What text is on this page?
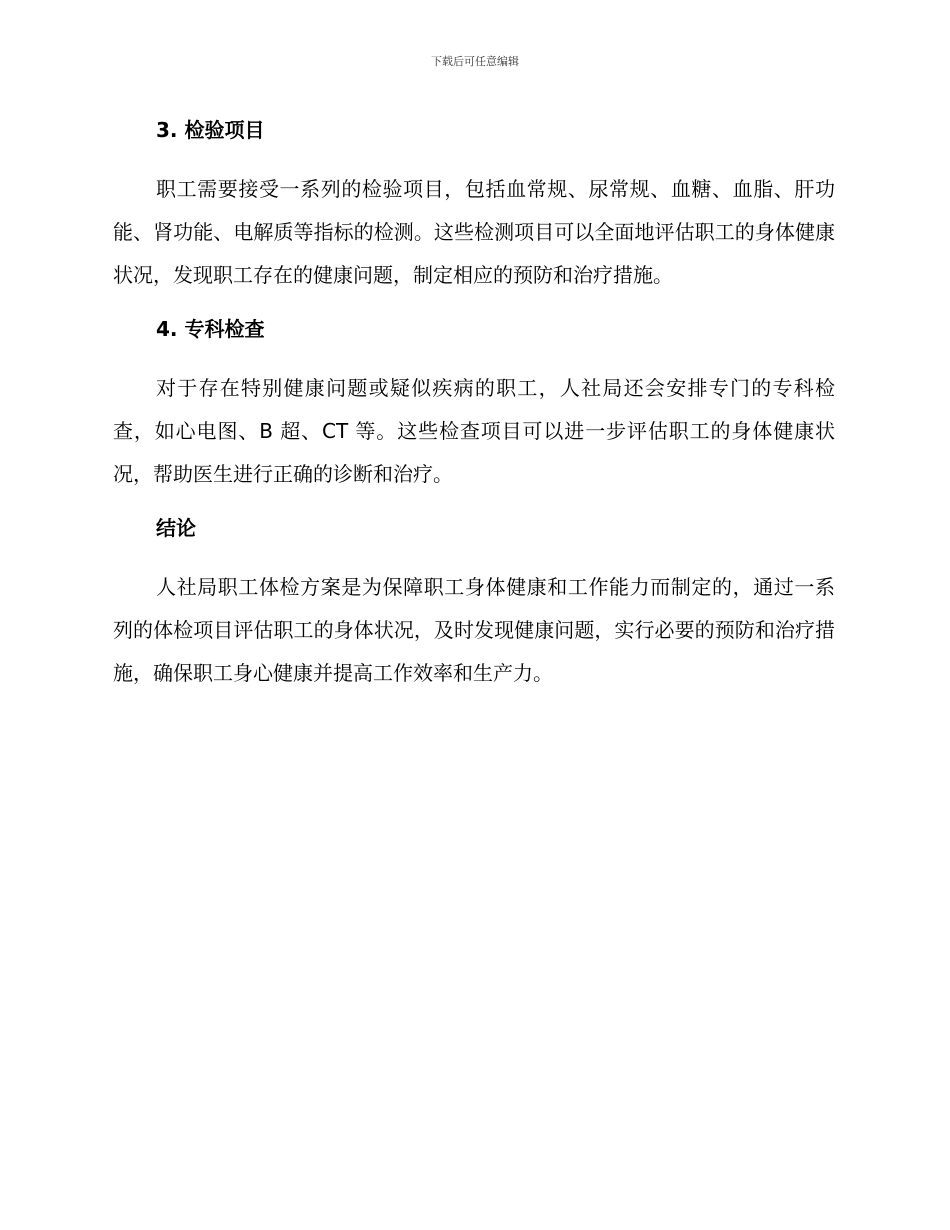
下载后可任意编辑
3. 检验项目

职工需要接受一系列的检验项目，包括血常规、尿常规、血糖、血脂、肝功能、肾功能、电解质等指标的检测。这些检测项目可以全面地评估职工的身体健康状况，发现职工存在的健康问题，制定相应的预防和治疗措施。

4. 专科检查

对于存在特别健康问题或疑似疾病的职工，人社局还会安排专门的专科检查，如心电图、B 超、CT 等。这些检查项目可以进一步评估职工的身体健康状况，帮助医生进行正确的诊断和治疗。

结论

人社局职工体检方案是为保障职工身体健康和工作能力而制定的，通过一系列的体检项目评估职工的身体状况，及时发现健康问题，实行必要的预防和治疗措施，确保职工身心健康并提高工作效率和生产力。
